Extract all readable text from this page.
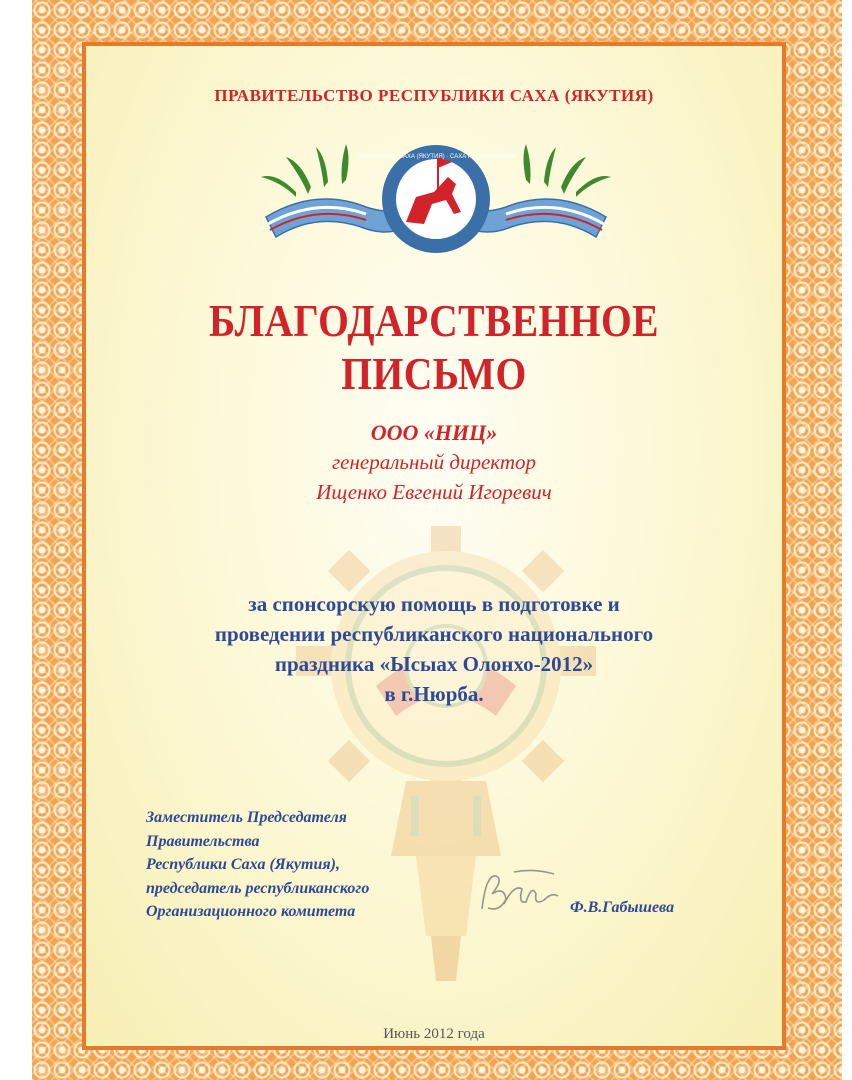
ПРАВИТЕЛЬСТВО РЕСПУБЛИКИ САХА (ЯКУТИЯ)
РЕСПУБЛИКА САХА (ЯКУТИЯ) · САХА РЕСПУБЛИКАТА
БЛАГОДАРСТВЕННОЕ ПИСЬМО
ООО «НИЦ»
генеральный директор
Ищенко Евгений Игоревич
за спонсорскую помощь в подготовке и
проведении республиканского национального
праздника «Ысыах Олонхо-2012»
в г.Нюрба.
Заместитель Председателя
Правительства
Республики Саха (Якутия),
председатель республиканского
Организационного комитета	Ф.В.Габышева
Июнь 2012 года
